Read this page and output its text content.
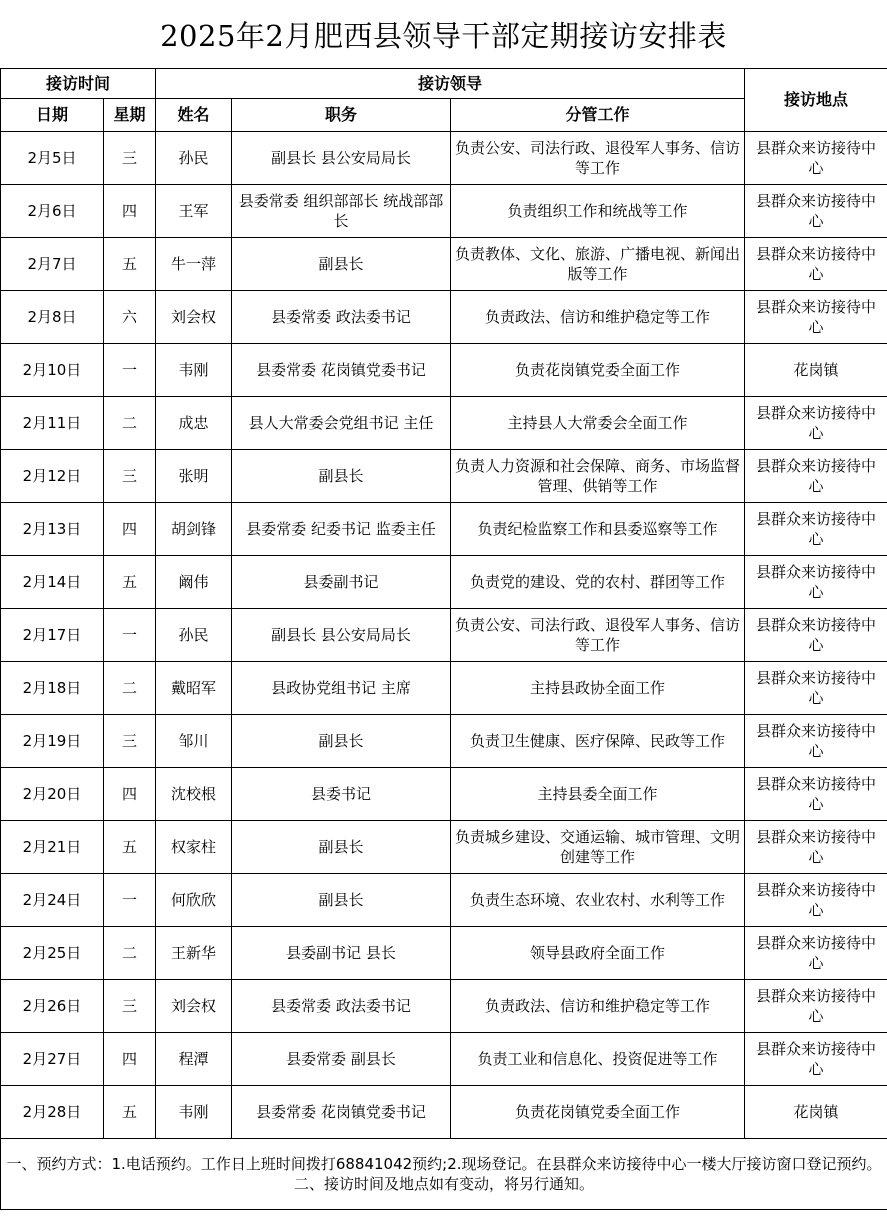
2025年2月肥西县领导干部定期接访安排表
接访时间		接访领导			接访地点
日期	星期	姓名	职务	分管工作	
2月5日	三	孙民	副县长 县公安局局长	负责公安、司法行政、退役军人事务、信访等工作	县群众来访接待中心
2月6日	四	王军	县委常委 组织部部长 统战部部长	负责组织工作和统战等工作	县群众来访接待中心
2月7日	五	牛一萍	副县长	负责教体、文化、旅游、广播电视、新闻出版等工作	县群众来访接待中心
2月8日	六	刘会权	县委常委 政法委书记	负责政法、信访和维护稳定等工作	县群众来访接待中心
2月10日	一	韦刚	县委常委 花岗镇党委书记	负责花岗镇党委全面工作	花岗镇
2月11日	二	成忠	县人大常委会党组书记 主任	主持县人大常委会全面工作	县群众来访接待中心
2月12日	三	张明	副县长	负责人力资源和社会保障、商务、市场监督管理、供销等工作	县群众来访接待中心
2月13日	四	胡剑锋	县委常委 纪委书记 监委主任	负责纪检监察工作和县委巡察等工作	县群众来访接待中心
2月14日	五	阚伟	县委副书记	负责党的建设、党的农村、群团等工作	县群众来访接待中心
2月17日	一	孙民	副县长 县公安局局长	负责公安、司法行政、退役军人事务、信访等工作	县群众来访接待中心
2月18日	二	戴昭军	县政协党组书记 主席	主持县政协全面工作	县群众来访接待中心
2月19日	三	邹川	副县长	负责卫生健康、医疗保障、民政等工作	县群众来访接待中心
2月20日	四	沈校根	县委书记	主持县委全面工作	县群众来访接待中心
2月21日	五	权家柱	副县长	负责城乡建设、交通运输、城市管理、文明创建等工作	县群众来访接待中心
2月24日	一	何欣欣	副县长	负责生态环境、农业农村、水利等工作	县群众来访接待中心
2月25日	二	王新华	县委副书记 县长	领导县政府全面工作	县群众来访接待中心
2月26日	三	刘会权	县委常委 政法委书记	负责政法、信访和维护稳定等工作	县群众来访接待中心
2月27日	四	程潭	县委常委 副县长	负责工业和信息化、投资促进等工作	县群众来访接待中心
2月28日	五	韦刚	县委常委 花岗镇党委书记	负责花岗镇党委全面工作	花岗镇

一、预约方式：1.电话预约。工作日上班时间拨打68841042预约;2.现场登记。在县群众来访接待中心一楼大厅接访窗口登记预约。
二、接访时间及地点如有变动，将另行通知。					
